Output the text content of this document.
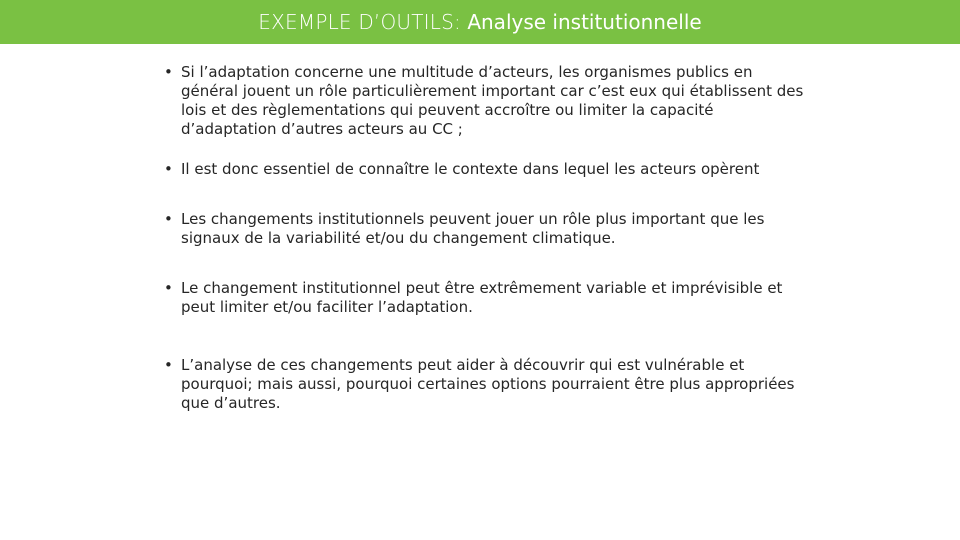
EXEMPLE D’OUTILS:
Analyse institutionnelle
• Si l’adaptation concerne une multitude d’acteurs, les organismes publics en général jouent un rôle particulièrement important car c’est eux qui établissent des lois et des règlementations qui peuvent accroître ou limiter la capacité d’adaptation d’autres acteurs au CC ;
• Il est donc essentiel de connaître le contexte dans lequel les acteurs opèrent
• Les changements institutionnels peuvent jouer un rôle plus important que les signaux de la variabilité et/ou du changement climatique.
• Le changement institutionnel peut être extrêmement variable et imprévisible et peut limiter et/ou faciliter l’adaptation.
• L’analyse de ces changements peut aider à découvrir qui est vulnérable et pourquoi; mais aussi, pourquoi certaines options pourraient être plus appropriées que d’autres.
